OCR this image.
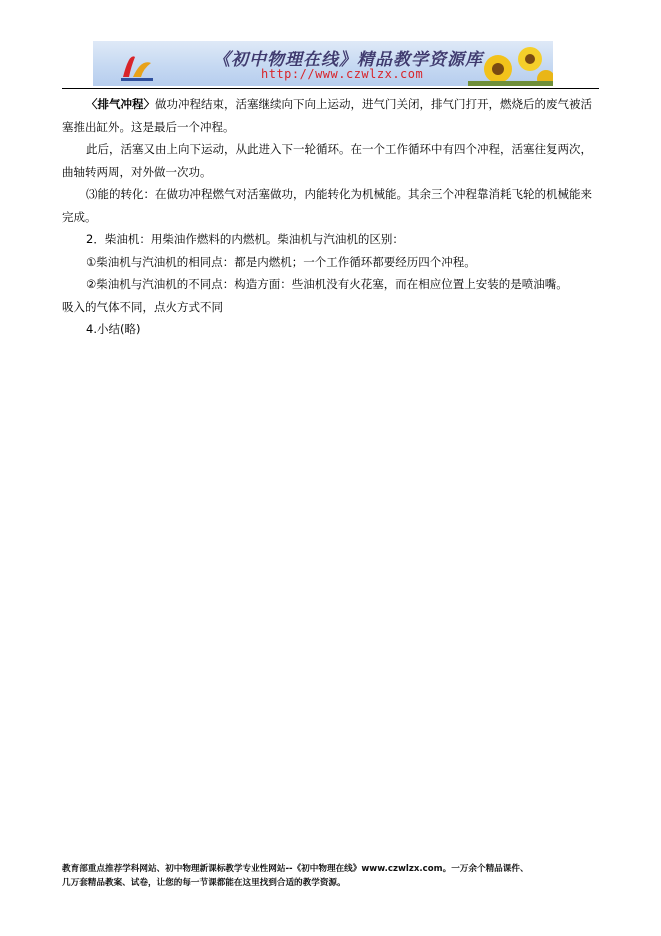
《初中物理在线》精品教学资源库
http://www.czwlzx.com

〈排气冲程〉做功冲程结束，活塞继续向下向上运动，进气门关闭，排气门打开，燃烧后的废气被活塞推出缸外。这是最后一个冲程。

此后，活塞又由上向下运动，从此进入下一轮循环。在一个工作循环中有四个冲程，活塞往复两次，曲轴转两周，对外做一次功。

⑶能的转化：在做功冲程燃气对活塞做功，内能转化为机械能。其余三个冲程靠消耗飞轮的机械能来完成。

2．柴油机：用柴油作燃料的内燃机。柴油机与汽油机的区别：

①柴油机与汽油机的相同点：都是内燃机；一个工作循环都要经历四个冲程。

②柴油机与汽油机的不同点：构造方面：些油机没有火花塞，而在相应位置上安装的是喷油嘴。

吸入的气体不同，点火方式不同

4.小结(略)

教育部重点推荐学科网站、初中物理新课标教学专业性网站--《初中物理在线》www.czwlzx.com。一万余个精品课件、
几万套精品教案、试卷，让您的每一节课都能在这里找到合适的教学资源。
